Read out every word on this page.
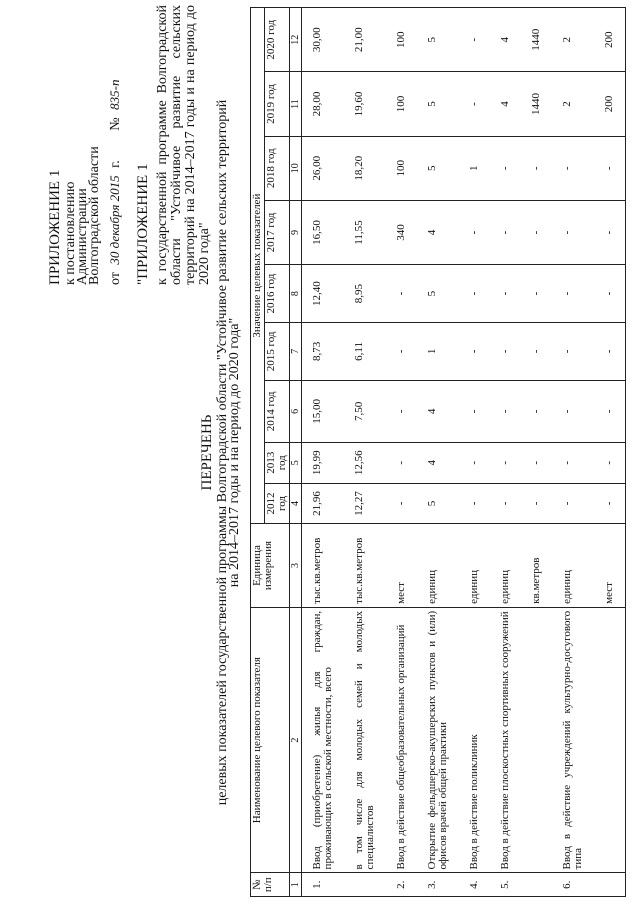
ПРИЛОЖЕНИЕ 1 к постановлению
Администрации
Волгоградской области от 30 декабря 2015 г. № 835-п
"ПРИЛОЖЕНИЕ 1 к государственной программе Волгоградской области "Устойчивое развитие сельских территорий на 2014–2017 годы и на период до 2020 года"
ПЕРЕЧЕНЬ целевых показателей государственной программы Волгоградской области "Устойчивое развитие сельских территорий
на 2014–2017 годы и на период до 2020 года"
№ п/п	Наименование целевого показателя	Единица измерения	Значение целевых показателей								
			2012 год	2013 год	2014 год	2015 год	2016 год	2017 год	2018 год	2019 год	2020 год
1	2	3	4	5	6	7	8	9	10	11	12
1.	Ввод (приобретение) жилья для граждан, проживающих в сельской местности, всего	тыс.кв.метров	21,96	19,99	15,00	8,73	12,40	16,50	26,00	28,00	30,00
	в том числе для молодых семей и молодых специалистов	тыс.кв.метров	12,27	12,56	7,50	6,11	8,95	11,55	18,20	19,60	21,00
2.	Ввод в действие общеобразовательных организаций	мест	-	-	-	-	-	340	100	100	100
3.	Открытие фельдшерско-акушерских пунктов и (или) офисов врачей общей практики	единиц	5	4	4	1	5	4	5	5	5
4.	Ввод в действие поликлиник	единиц	-	-	-	-	-	-	1	-	-
5.	Ввод в действие плоскостных спортивных сооружений	единиц	-	-	-	-	-	-	-	4	4
		кв.метров	-	-	-	-	-	-	-	1440	1440
6.	Ввод в действие учреждений культурно-досугового типа	единиц	-	-	-	-	-	-	-	2	2
		мест	-	-	-	-	-	-	-	200	200
